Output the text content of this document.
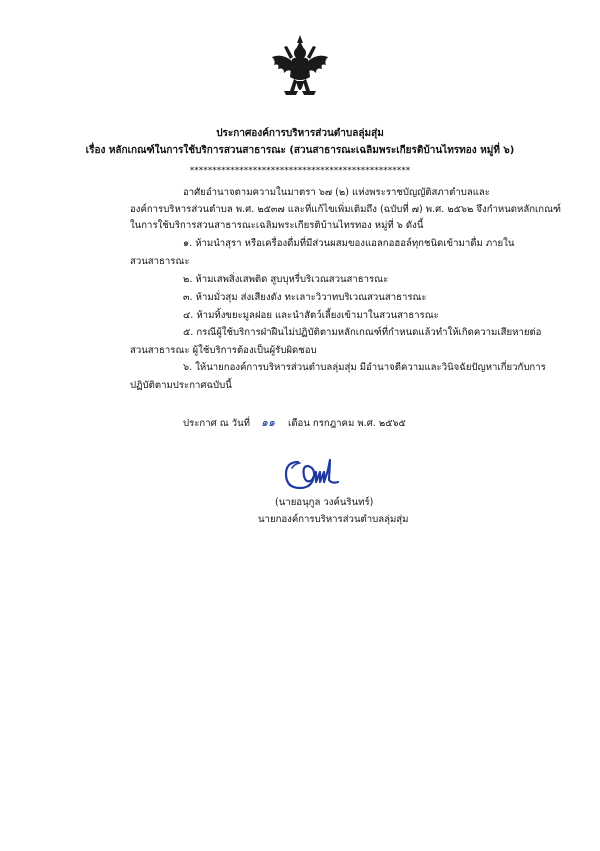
ประกาศองค์การบริหารส่วนตำบลลุ่มสุ่ม
เรื่อง หลักเกณฑ์ในการใช้บริการสวนสาธารณะ (สวนสาธารณะเฉลิมพระเกียรติบ้านไทรทอง หมู่ที่ ๖)
*************************************************
อาศัยอำนาจตามความในมาตรา ๖๗ (๒) แห่งพระราชบัญญัติสภาตำบลและ
องค์การบริหารส่วนตำบล พ.ศ. ๒๕๓๗ และที่แก้ไขเพิ่มเติมถึง (ฉบับที่ ๗) พ.ศ. ๒๕๖๒ จึงกำหนดหลักเกณฑ์
ในการใช้บริการสวนสาธารณะเฉลิมพระเกียรติบ้านไทรทอง หมู่ที่ ๖ ดังนี้
๑. ห้ามนำสุรา หรือเครื่องดื่มที่มีส่วนผสมของแอลกอฮอล์ทุกชนิดเข้ามาดื่ม ภายใน
สวนสาธารณะ
๒. ห้ามเสพสิ่งเสพติด สูบบุหรี่บริเวณสวนสาธารณะ
๓. ห้ามมั่วสุม ส่งเสียงดัง ทะเลาะวิวาทบริเวณสวนสาธารณะ
๔. ห้ามทิ้งขยะมูลฝอย และนำสัตว์เลี้ยงเข้ามาในสวนสาธารณะ
๕. กรณีผู้ใช้บริการฝ่าฝืนไม่ปฏิบัติตามหลักเกณฑ์ที่กำหนดแล้วทำให้เกิดความเสียหายต่อ
สวนสาธารณะ ผู้ใช้บริการต้องเป็นผู้รับผิดชอบ
๖. ให้นายกองค์การบริหารส่วนตำบลลุ่มสุ่ม มีอำนาจตีความและวินิจฉัยปัญหาเกี่ยวกับการ
ปฏิบัติตามประกาศฉบับนี้
ประกาศ ณ วันที่ ๑๑ เดือน กรกฎาคม พ.ศ. ๒๕๖๕
(นายอนุกูล วงค์นรินทร์)
นายกองค์การบริหารส่วนตำบลลุ่มสุ่ม
